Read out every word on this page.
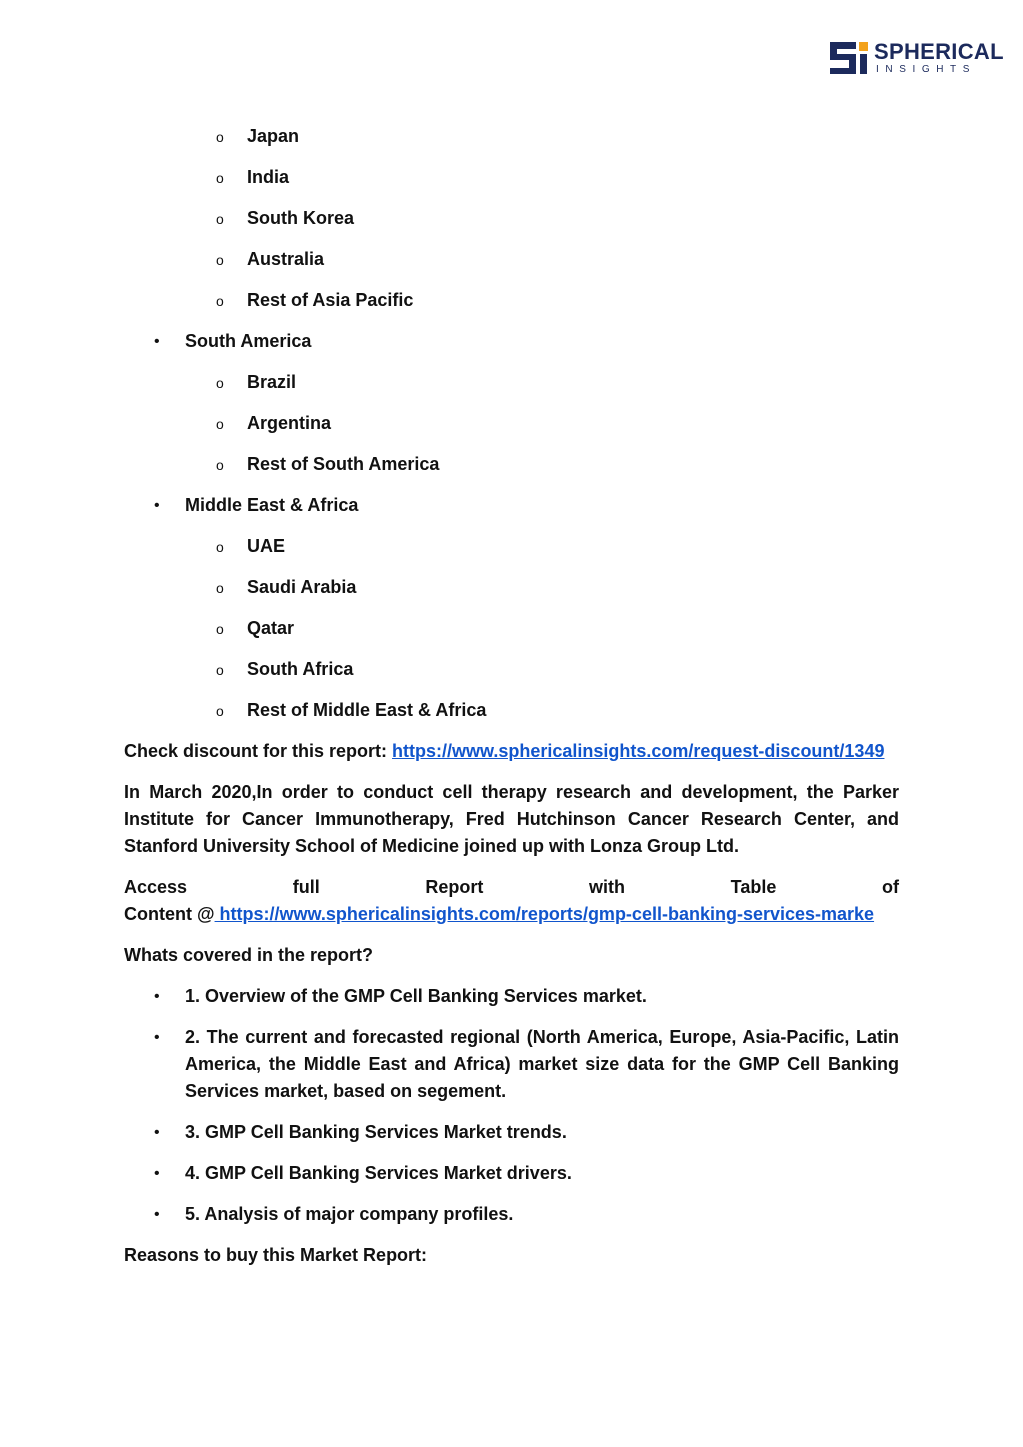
SPHERICAL
INSIGHTS
o Japan
o India
o South Korea
o Australia
o Rest of Asia Pacific
• South America
o Brazil
o Argentina
o Rest of South America
• Middle East & Africa
o UAE
o Saudi Arabia
o Qatar
o South Africa
o Rest of Middle East & Africa
Check discount for this report: https://www.sphericalinsights.com/request-discount/1349
In March 2020,In order to conduct cell therapy research and development, the Parker Institute for Cancer Immunotherapy, Fred Hutchinson Cancer Research Center, and Stanford University School of Medicine joined up with Lonza Group Ltd.
Access full Report with Table of
Content @ https://www.sphericalinsights.com/reports/gmp-cell-banking-services-marke
Whats covered in the report?
• 1. Overview of the GMP Cell Banking Services market.
• 2. The current and forecasted regional (North America, Europe, Asia-Pacific, Latin America, the Middle East and Africa) market size data for the GMP Cell Banking Services market, based on segement.
• 3. GMP Cell Banking Services Market trends.
• 4. GMP Cell Banking Services Market drivers.
• 5. Analysis of major company profiles.
Reasons to buy this Market Report:
